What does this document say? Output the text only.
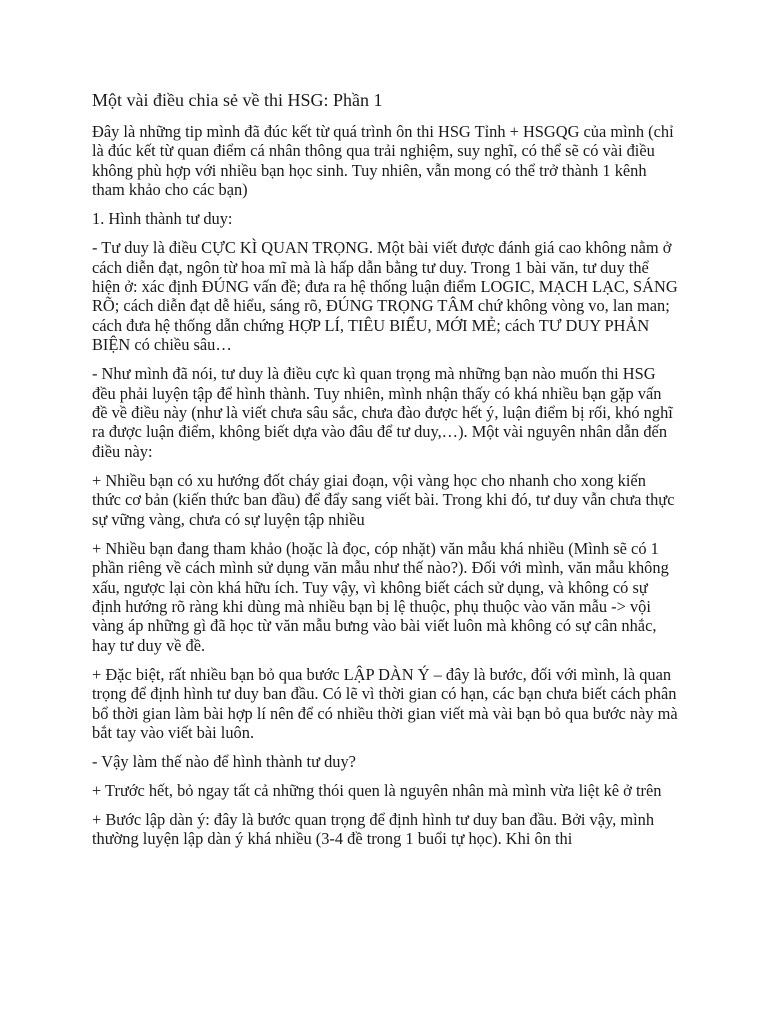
Một vài điều chia sẻ về thi HSG: Phần 1

Đây là những tip mình đã đúc kết từ quá trình ôn thi HSG Tỉnh + HSGQG của mình (chỉ là đúc kết từ quan điểm cá nhân thông qua trải nghiệm, suy nghĩ, có thể sẽ có vài điều không phù hợp với nhiều bạn học sinh. Tuy nhiên, vẫn mong có thể trở thành 1 kênh tham khảo cho các bạn)

1. Hình thành tư duy:

- Tư duy là điều CỰC KÌ QUAN TRỌNG. Một bài viết được đánh giá cao không nằm ở cách diễn đạt, ngôn từ hoa mĩ mà là hấp dẫn bằng tư duy. Trong 1 bài văn, tư duy thể hiện ở: xác định ĐÚNG vấn đề; đưa ra hệ thống luận điểm LOGIC, MẠCH LẠC, SÁNG RÕ; cách diễn đạt dễ hiểu, sáng rõ, ĐÚNG TRỌNG TÂM chứ không vòng vo, lan man; cách đưa hệ thống dẫn chứng HỢP LÍ, TIÊU BIỂU, MỚI MẺ; cách TƯ DUY PHẢN BIỆN có chiều sâu…

- Như mình đã nói, tư duy là điều cực kì quan trọng mà những bạn nào muốn thi HSG đều phải luyện tập để hình thành. Tuy nhiên, mình nhận thấy có khá nhiều bạn gặp vấn đề về điều này (như là viết chưa sâu sắc, chưa đào được hết ý, luận điểm bị rối, khó nghĩ ra được luận điểm, không biết dựa vào đâu để tư duy,…). Một vài nguyên nhân dẫn đến điều này:

+ Nhiều bạn có xu hướng đốt cháy giai đoạn, vội vàng học cho nhanh cho xong kiến thức cơ bản (kiến thức ban đầu) để đẩy sang viết bài. Trong khi đó, tư duy vẫn chưa thực sự vững vàng, chưa có sự luyện tập nhiều

+ Nhiều bạn đang tham khảo (hoặc là đọc, cóp nhặt) văn mẫu khá nhiều (Mình sẽ có 1 phần riêng về cách mình sử dụng văn mẫu như thế nào?). Đối với mình, văn mẫu không xấu, ngược lại còn khá hữu ích. Tuy vậy, vì không biết cách sử dụng, và không có sự định hướng rõ ràng khi dùng mà nhiều bạn bị lệ thuộc, phụ thuộc vào văn mẫu -> vội vàng áp những gì đã học từ văn mẫu bưng vào bài viết luôn mà không có sự cân nhắc, hay tư duy về đề.

+ Đặc biệt, rất nhiều bạn bỏ qua bước LẬP DÀN Ý – đây là bước, đối với mình, là quan trọng để định hình tư duy ban đầu. Có lẽ vì thời gian có hạn, các bạn chưa biết cách phân bổ thời gian làm bài hợp lí nên để có nhiều thời gian viết mà vài bạn bỏ qua bước này mà bắt tay vào viết bài luôn.

- Vậy làm thế nào để hình thành tư duy?

+ Trước hết, bỏ ngay tất cả những thói quen là nguyên nhân mà mình vừa liệt kê ở trên

+ Bước lập dàn ý: đây là bước quan trọng để định hình tư duy ban đầu. Bởi vậy, mình thường luyện lập dàn ý khá nhiều (3-4 đề trong 1 buổi tự học). Khi ôn thi
